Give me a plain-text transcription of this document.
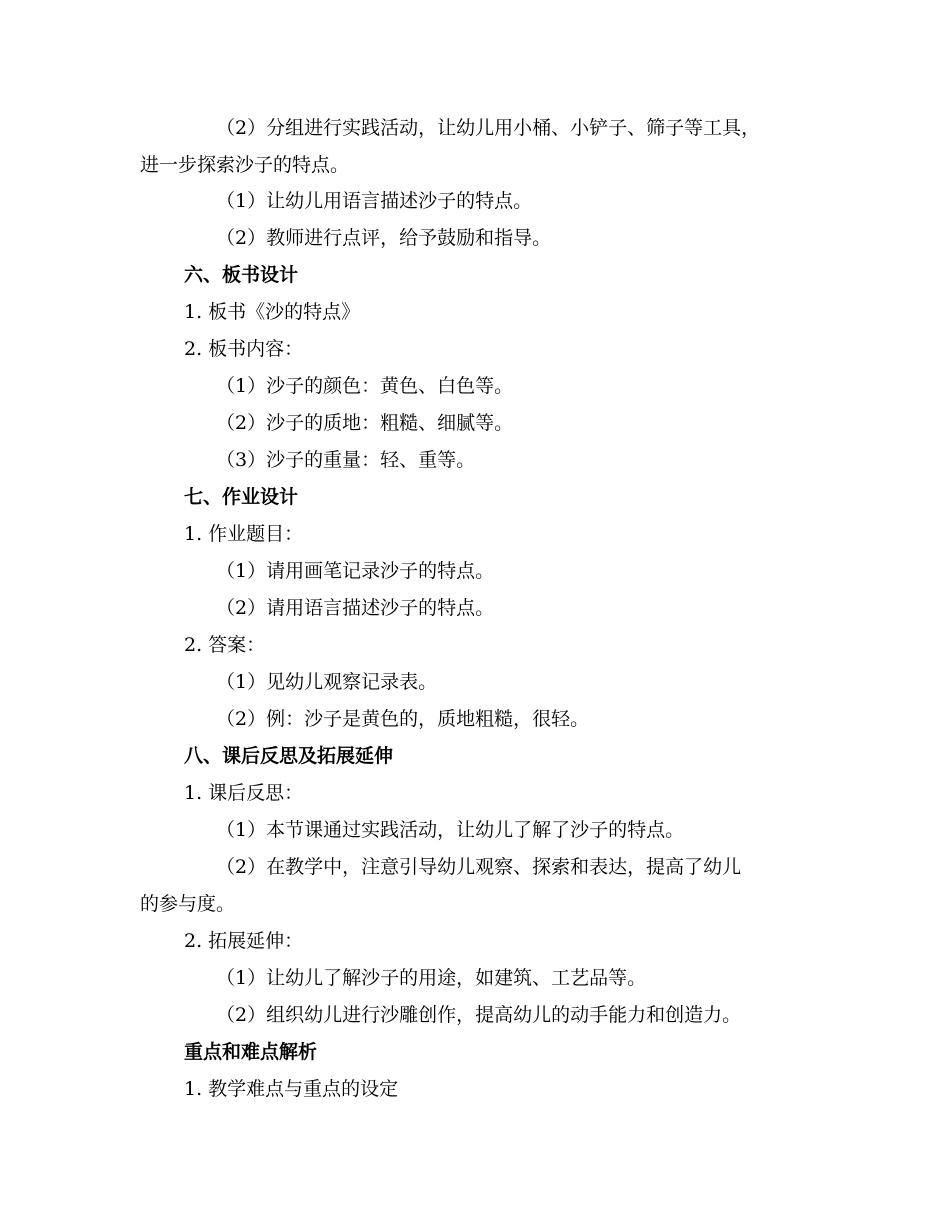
（2）分组进行实践活动，让幼儿用小桶、小铲子、筛子等工具，
进一步探索沙子的特点。
（1）让幼儿用语言描述沙子的特点。
（2）教师进行点评，给予鼓励和指导。
六、板书设计
1. 板书《沙的特点》
2. 板书内容：
（1）沙子的颜色：黄色、白色等。
（2）沙子的质地：粗糙、细腻等。
（3）沙子的重量：轻、重等。
七、作业设计
1. 作业题目：
（1）请用画笔记录沙子的特点。
（2）请用语言描述沙子的特点。
2. 答案：
（1）见幼儿观察记录表。
（2）例：沙子是黄色的，质地粗糙，很轻。
八、课后反思及拓展延伸
1. 课后反思：
（1）本节课通过实践活动，让幼儿了解了沙子的特点。
（2）在教学中，注意引导幼儿观察、探索和表达，提高了幼儿
的参与度。
2. 拓展延伸：
（1）让幼儿了解沙子的用途，如建筑、工艺品等。
（2）组织幼儿进行沙雕创作，提高幼儿的动手能力和创造力。
重点和难点解析
1. 教学难点与重点的设定
